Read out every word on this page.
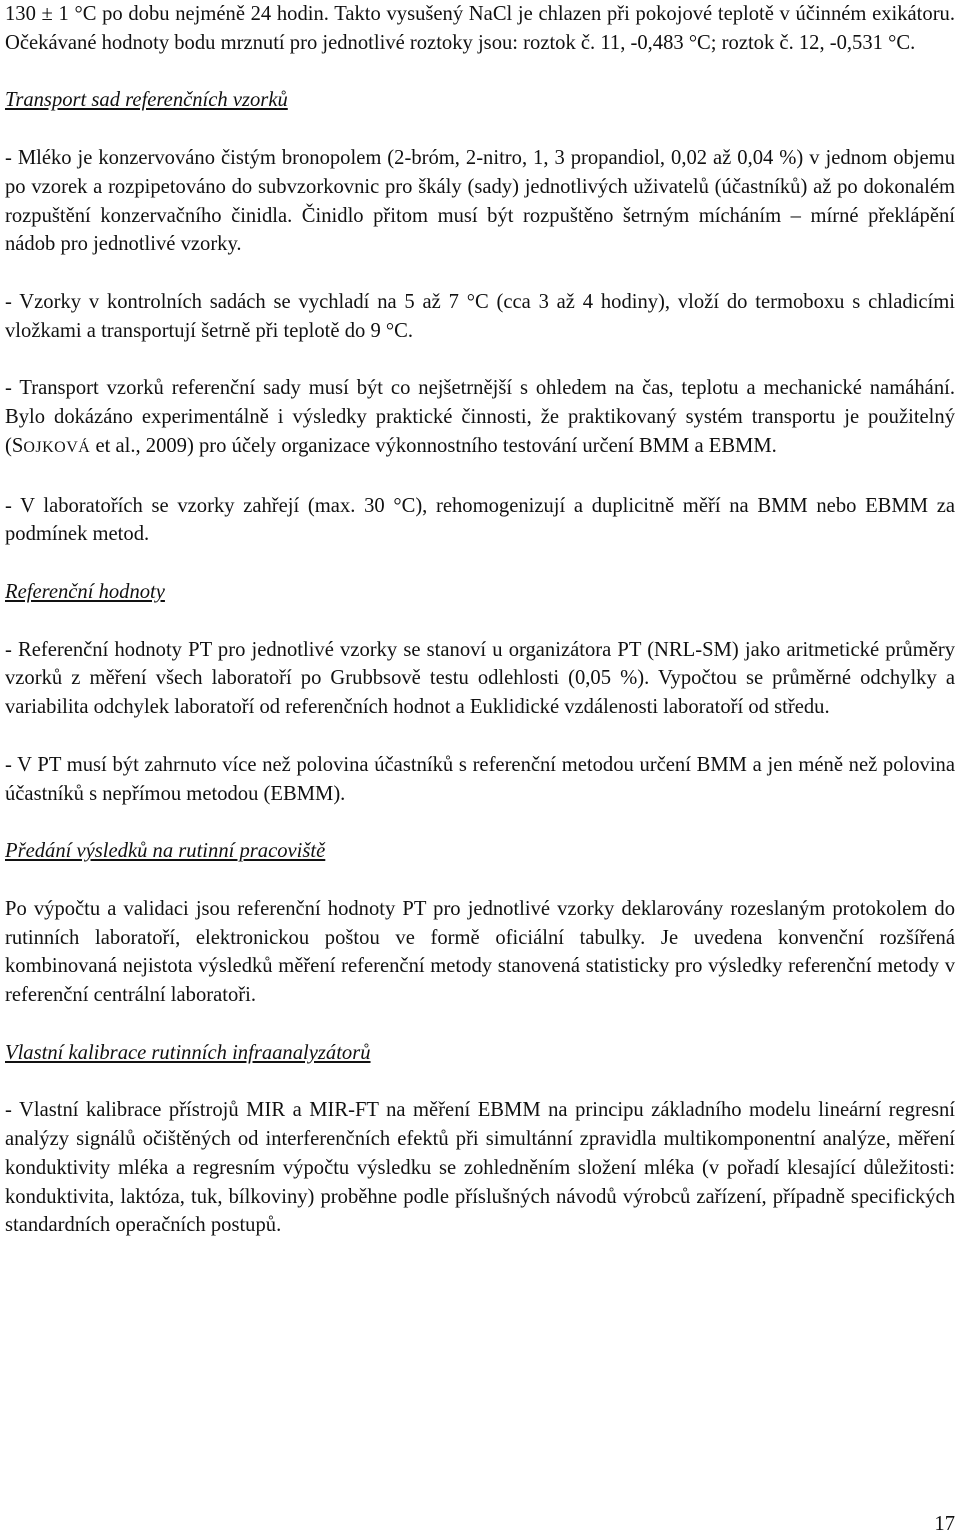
130 ± 1 °C po dobu nejméně 24 hodin. Takto vysušený NaCl je chlazen při pokojové teplotě v účinném exikátoru. Očekávané hodnoty bodu mrznutí pro jednotlivé roztoky jsou: roztok č. 11, -0,483 °C; roztok č. 12, -0,531 °C.

Transport sad referenčních vzorků

- Mléko je konzervováno čistým bronopolem (2-bróm, 2-nitro, 1, 3 propandiol, 0,02 až 0,04 %) v jednom objemu po vzorek a rozpipetováno do subvzorkovnic pro škály (sady) jednotlivých uživatelů (účastníků) až po dokonalém rozpuštění konzervačního činidla. Činidlo přitom musí být rozpuštěno šetrným mícháním – mírné překlápění nádob pro jednotlivé vzorky.

- Vzorky v kontrolních sadách se vychladí na 5 až 7 °C (cca 3 až 4 hodiny), vloží do termoboxu s chladicími vložkami a transportují šetrně při teplotě do 9 °C.

- Transport vzorků referenční sady musí být co nejšetrnější s ohledem na čas, teplotu a mechanické namáhání. Bylo dokázáno experimentálně i výsledky praktické činnosti, že praktikovaný systém transportu je použitelný (SOJKOVÁ et al., 2009) pro účely organizace výkonnostního testování určení BMM a EBMM.

- V laboratořích se vzorky zahřejí (max. 30 °C), rehomogenizují a duplicitně měří na BMM nebo EBMM za podmínek metod.

Referenční hodnoty

- Referenční hodnoty PT pro jednotlivé vzorky se stanoví u organizátora PT (NRL-SM) jako aritmetické průměry vzorků z měření všech laboratoří po Grubbsově testu odlehlosti (0,05 %). Vypočtou se průměrné odchylky a variabilita odchylek laboratoří od referenčních hodnot a Euklidické vzdálenosti laboratoří od středu.

- V PT musí být zahrnuto více než polovina účastníků s referenční metodou určení BMM a jen méně než polovina účastníků s nepřímou metodou (EBMM).

Předání výsledků na rutinní pracoviště

Po výpočtu a validaci jsou referenční hodnoty PT pro jednotlivé vzorky deklarovány rozeslaným protokolem do rutinních laboratoří, elektronickou poštou ve formě oficiální tabulky. Je uvedena konvenční rozšířená kombinovaná nejistota výsledků měření referenční metody stanovená statisticky pro výsledky referenční metody v referenční centrální laboratoři.

Vlastní kalibrace rutinních infraanalyzátorů

- Vlastní kalibrace přístrojů MIR a MIR-FT na měření EBMM na principu základního modelu lineární regresní analýzy signálů očištěných od interferenčních efektů při simultánní zpravidla multikomponentní analýze, měření konduktivity mléka a regresním výpočtu výsledku se zohledněním složení mléka (v pořadí klesající důležitosti: konduktivita, laktóza, tuk, bílkoviny) proběhne podle příslušných návodů výrobců zařízení, případně specifických standardních operačních postupů.

17
